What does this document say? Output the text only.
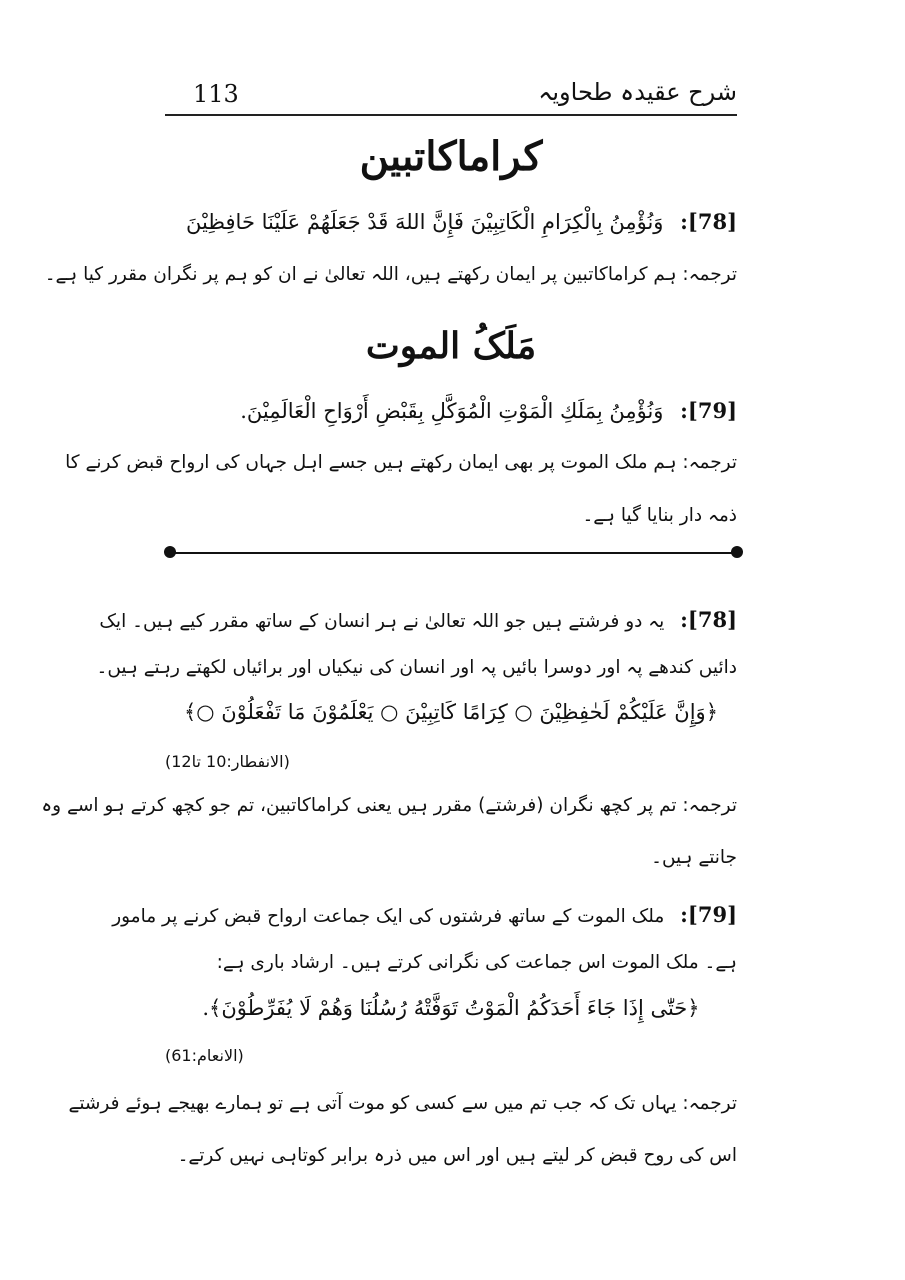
شرح عقیدہ طحاویہ
113
کراماکاتبین
[78]: وَنُؤْمِنُ بِالْكِرَامِ الْكَاتِبِيْنَ فَإِنَّ اللهَ قَدْ جَعَلَهُمْ عَلَيْنَا حَافِظِيْنَ
ترجمہ: ہم کراماکاتبین پر ایمان رکھتے ہیں، اللہ تعالیٰ نے ان کو ہم پر نگران مقرر کیا ہے۔
مَلَکُ الموت
[79]: وَنُؤْمِنُ بِمَلَكِ الْمَوْتِ الْمُوَكَّلِ بِقَبْضِ أَرْوَاحِ الْعَالَمِيْنَ.
ترجمہ: ہم ملک الموت پر بھی ایمان رکھتے ہیں جسے اہل جہاں کی ارواح قبض کرنے کا
ذمہ دار بنایا گیا ہے۔
[78]: یہ دو فرشتے ہیں جو اللہ تعالیٰ نے ہر انسان کے ساتھ مقرر کیے ہیں۔ ایک
دائیں کندھے پہ اور دوسرا بائیں پہ اور انسان کی نیکیاں اور برائیاں لکھتے رہتے ہیں۔
﴿وَإِنَّ عَلَيْكُمْ لَحٰفِظِيْنَ ○ كِرَامًا كَاتِبِيْنَ ○ يَعْلَمُوْنَ مَا تَفْعَلُوْنَ ○﴾
(الانفطار:10 تا12)
ترجمہ: تم پر کچھ نگران (فرشتے) مقرر ہیں یعنی کراماکاتبین، تم جو کچھ کرتے ہو اسے وہ
جانتے ہیں۔
[79]: ملک الموت کے ساتھ فرشتوں کی ایک جماعت ارواح قبض کرنے پر مامور
ہے۔ ملک الموت اس جماعت کی نگرانی کرتے ہیں۔ ارشاد باری ہے:
﴿حَتّٰى إِذَا جَاءَ أَحَدَكُمُ الْمَوْتُ تَوَفَّتْهُ رُسُلُنَا وَهُمْ لَا يُفَرِّطُوْنَ﴾.
(الانعام:61)
ترجمہ: یہاں تک کہ جب تم میں سے کسی کو موت آتی ہے تو ہمارے بھیجے ہوئے فرشتے
اس کی روح قبض کر لیتے ہیں اور اس میں ذرہ برابر کوتاہی نہیں کرتے۔
